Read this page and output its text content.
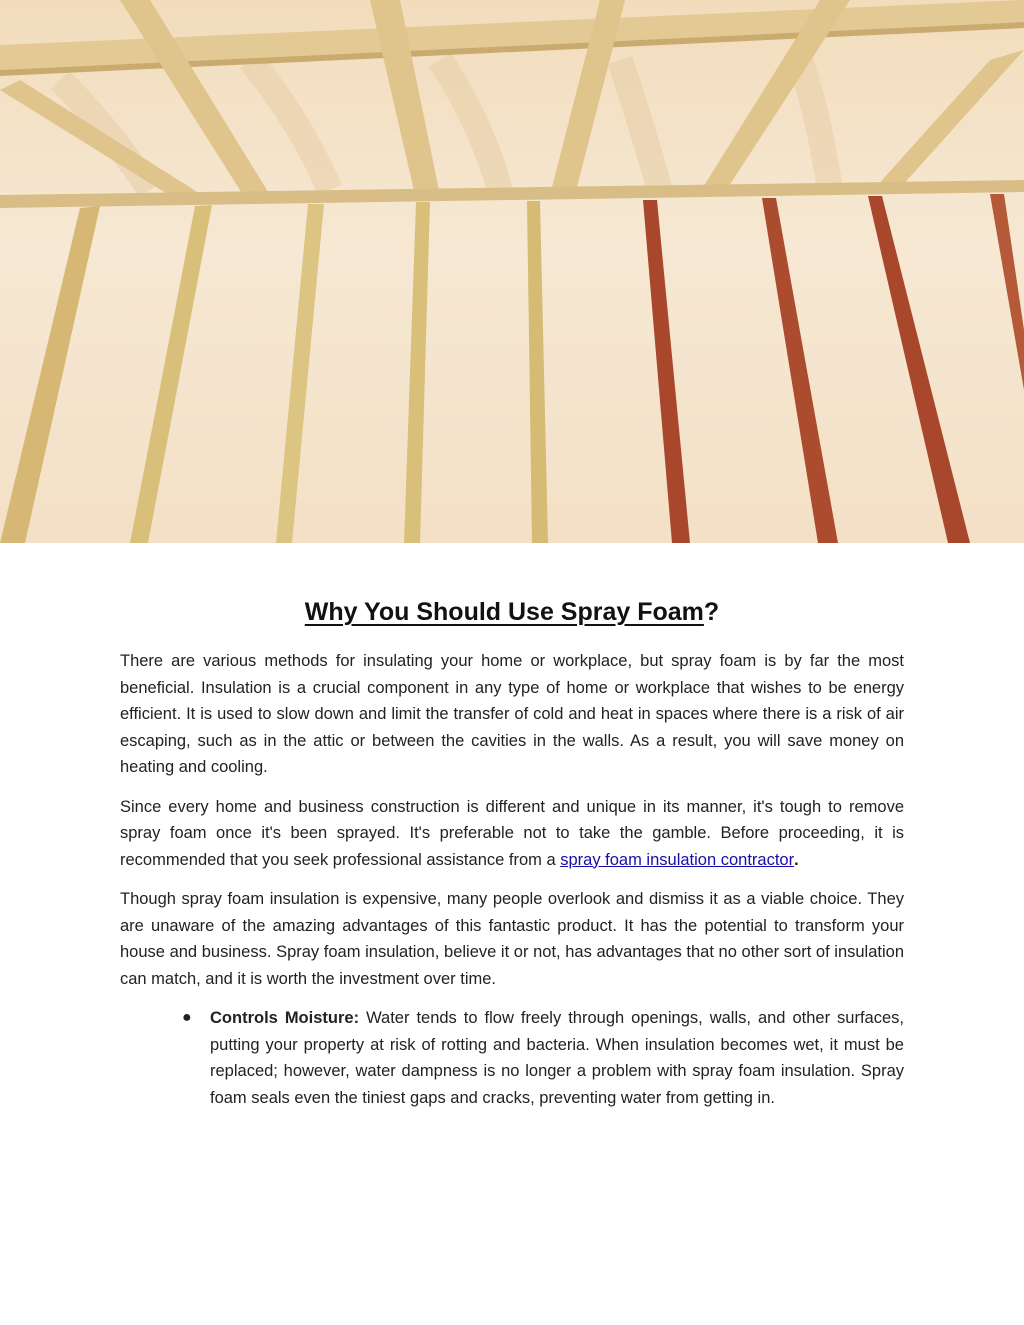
Why You Should Use Spray Foam?

There are various methods for insulating your home or workplace, but spray foam is by far the most beneficial. Insulation is a crucial component in any type of home or workplace that wishes to be energy efficient. It is used to slow down and limit the transfer of cold and heat in spaces where there is a risk of air escaping, such as in the attic or between the cavities in the walls. As a result, you will save money on heating and cooling.

Since every home and business construction is different and unique in its manner, it's tough to remove spray foam once it's been sprayed. It's preferable not to take the gamble. Before proceeding, it is recommended that you seek professional assistance from a spray foam insulation contractor.

Though spray foam insulation is expensive, many people overlook and dismiss it as a viable choice. They are unaware of the amazing advantages of this fantastic product. It has the potential to transform your house and business. Spray foam insulation, believe it or not, has advantages that no other sort of insulation can match, and it is worth the investment over time.

● Controls Moisture: Water tends to flow freely through openings, walls, and other surfaces, putting your property at risk of rotting and bacteria. When insulation becomes wet, it must be replaced; however, water dampness is no longer a problem with spray foam insulation. Spray foam seals even the tiniest gaps and cracks, preventing water from getting in.
